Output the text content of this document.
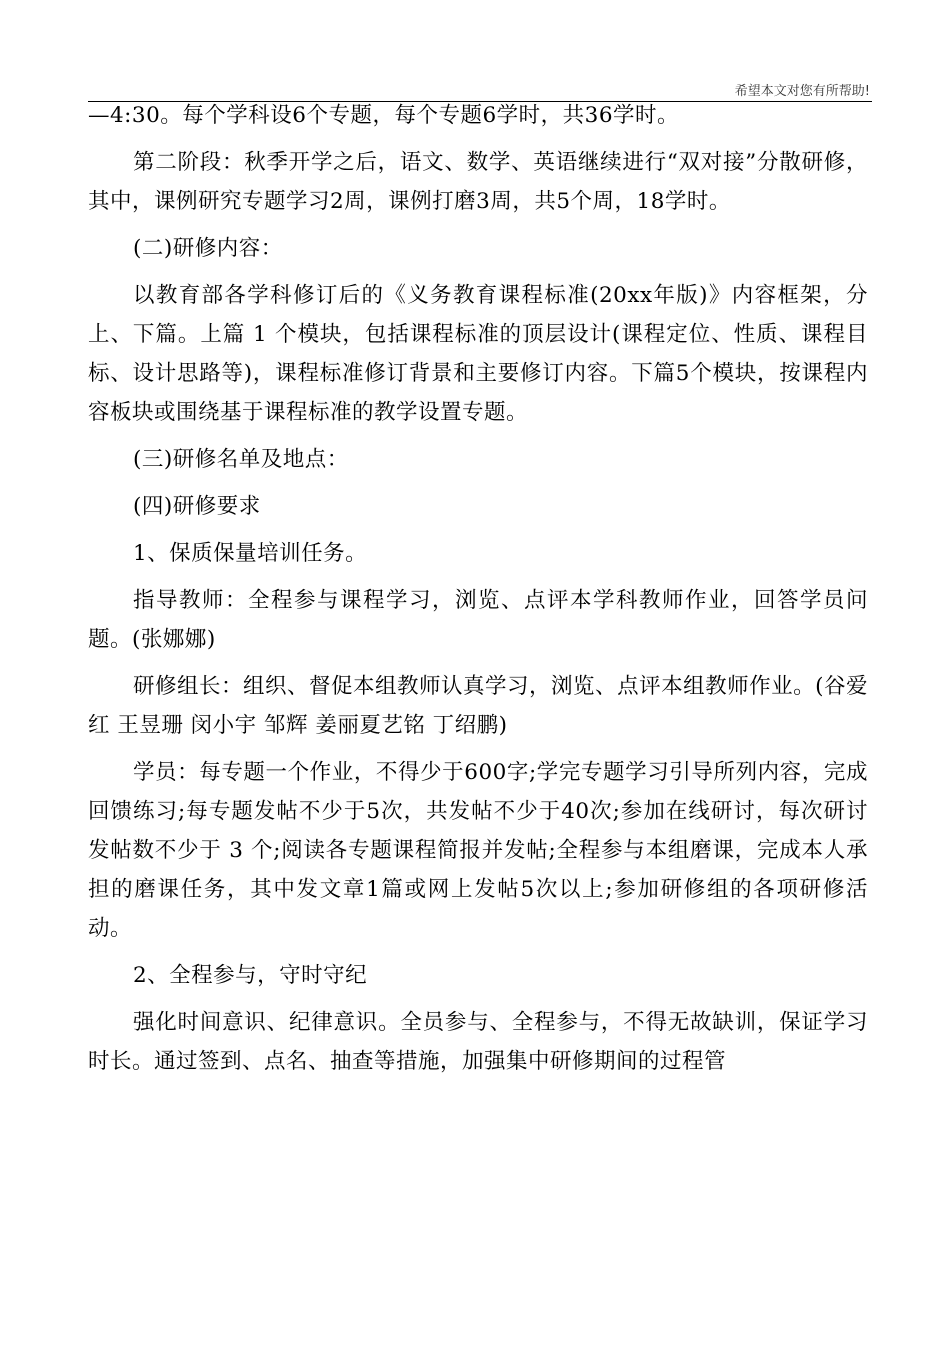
希望本文对您有所帮助!

—4:30。每个学科设6个专题，每个专题6学时，共36学时。

第二阶段：秋季开学之后，语文、数学、英语继续进行“双对接”分散研修，其中，课例研究专题学习2周，课例打磨3周，共5个周，18学时。

(二)研修内容：

以教育部各学科修订后的《义务教育课程标准(20xx年版)》内容框架，分上、下篇。上篇 1 个模块，包括课程标准的顶层设计(课程定位、性质、课程目标、设计思路等)，课程标准修订背景和主要修订内容。下篇5个模块，按课程内容板块或围绕基于课程标准的教学设置专题。

(三)研修名单及地点：

(四)研修要求

1、保质保量培训任务。

指导教师：全程参与课程学习，浏览、点评本学科教师作业，回答学员问题。(张娜娜)

研修组长：组织、督促本组教师认真学习，浏览、点评本组教师作业。(谷爱红 王昱珊 闵小宇 邹辉 姜丽夏艺铭 丁绍鹏)

学员：每专题一个作业，不得少于600字;学完专题学习引导所列内容，完成回馈练习;每专题发帖不少于5次，共发帖不少于40次;参加在线研讨，每次研讨发帖数不少于 3 个;阅读各专题课程简报并发帖;全程参与本组磨课，完成本人承担的磨课任务，其中发文章1篇或网上发帖5次以上;参加研修组的各项研修活动。

2、全程参与，守时守纪

强化时间意识、纪律意识。全员参与、全程参与，不得无故缺训，保证学习时长。通过签到、点名、抽查等措施，加强集中研修期间的过程管
